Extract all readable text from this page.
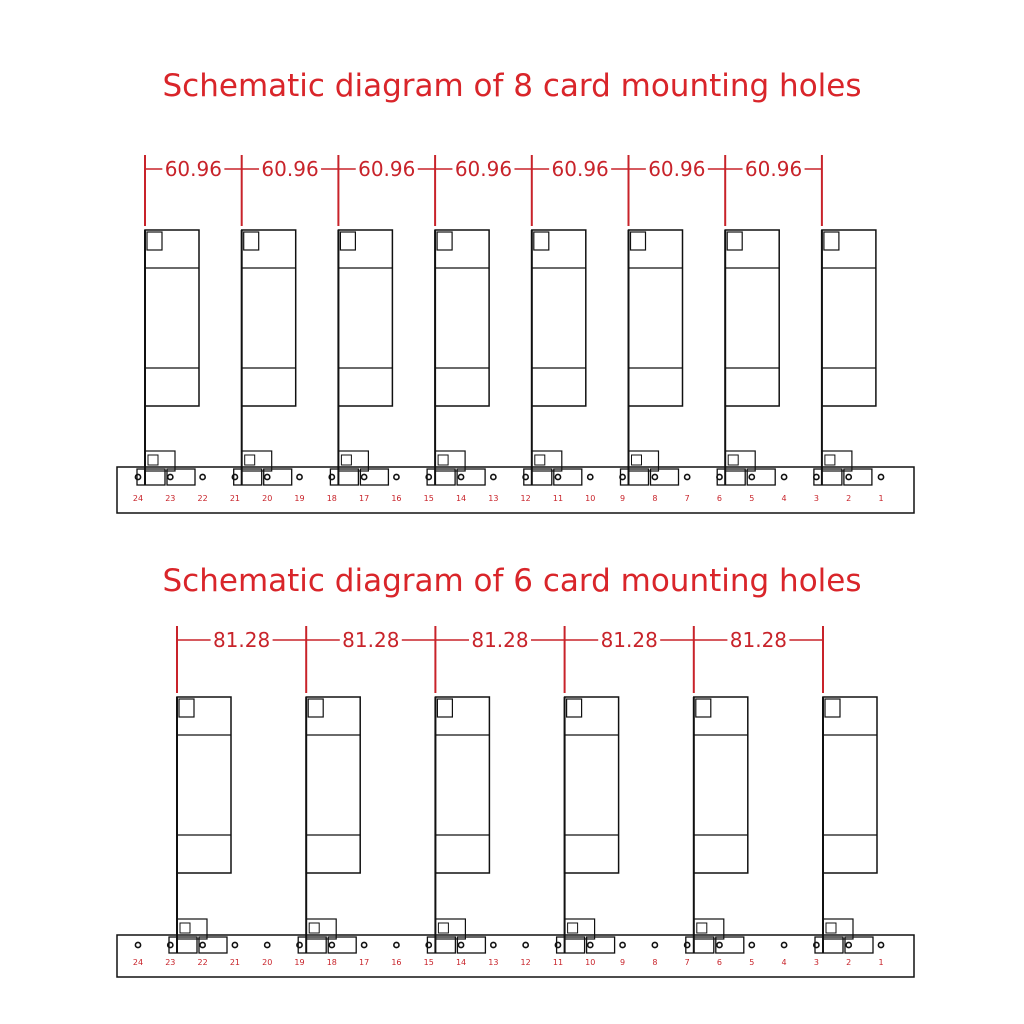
Schematic diagram of 8 card mounting holes
Schematic diagram of 6 card mounting holes
60.96 60.96 60.96 60.96 60.96 60.96 60.96
24	23	22	21	20	19	18	17	16	15	14	13	12	11	10	9	8	7	6	5	4	3	2	1
81.28	81.28	81.28	81.28	81.28
24	23	22	21	20	19	18	17	16	15	14	13	12	11	10	9	8	7	6	5	4	3	2	1
